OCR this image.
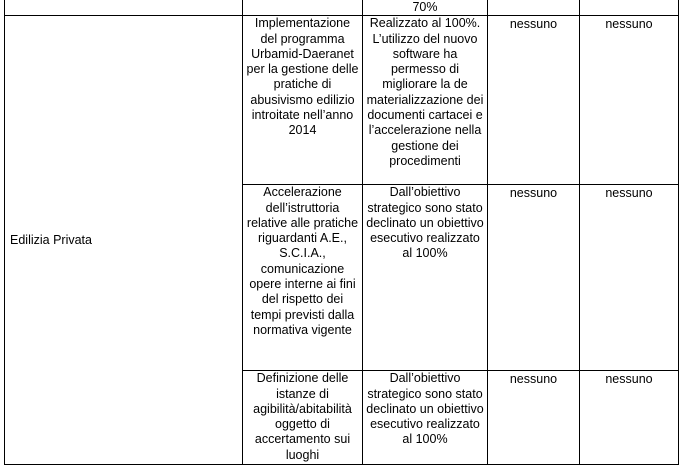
		70%		
Edilizia Privata	Implementazione del programma Urbamid-Daeranet per la gestione delle pratiche di abusivismo edilizio introitate nell’anno 2014	Realizzato al 100%. L’utilizzo del nuovo software ha permesso di migliorare la de materializzazione dei documenti cartacei e l’accelerazione nella gestione dei procedimenti	nessuno	nessuno

	Accelerazione dell’istruttoria relative alle pratiche riguardanti A.E., S.C.I.A., comunicazione opere interne ai fini del rispetto dei tempi previsti dalla normativa vigente	Dall’obiettivo strategico sono stato declinato un obiettivo esecutivo realizzato al 100%	nessuno	nessuno

	Definizione delle istanze di agibilità/abitabilità oggetto di accertamento sui luoghi	Dall’obiettivo strategico sono stato declinato un obiettivo esecutivo realizzato al 100%	nessuno	nessuno
